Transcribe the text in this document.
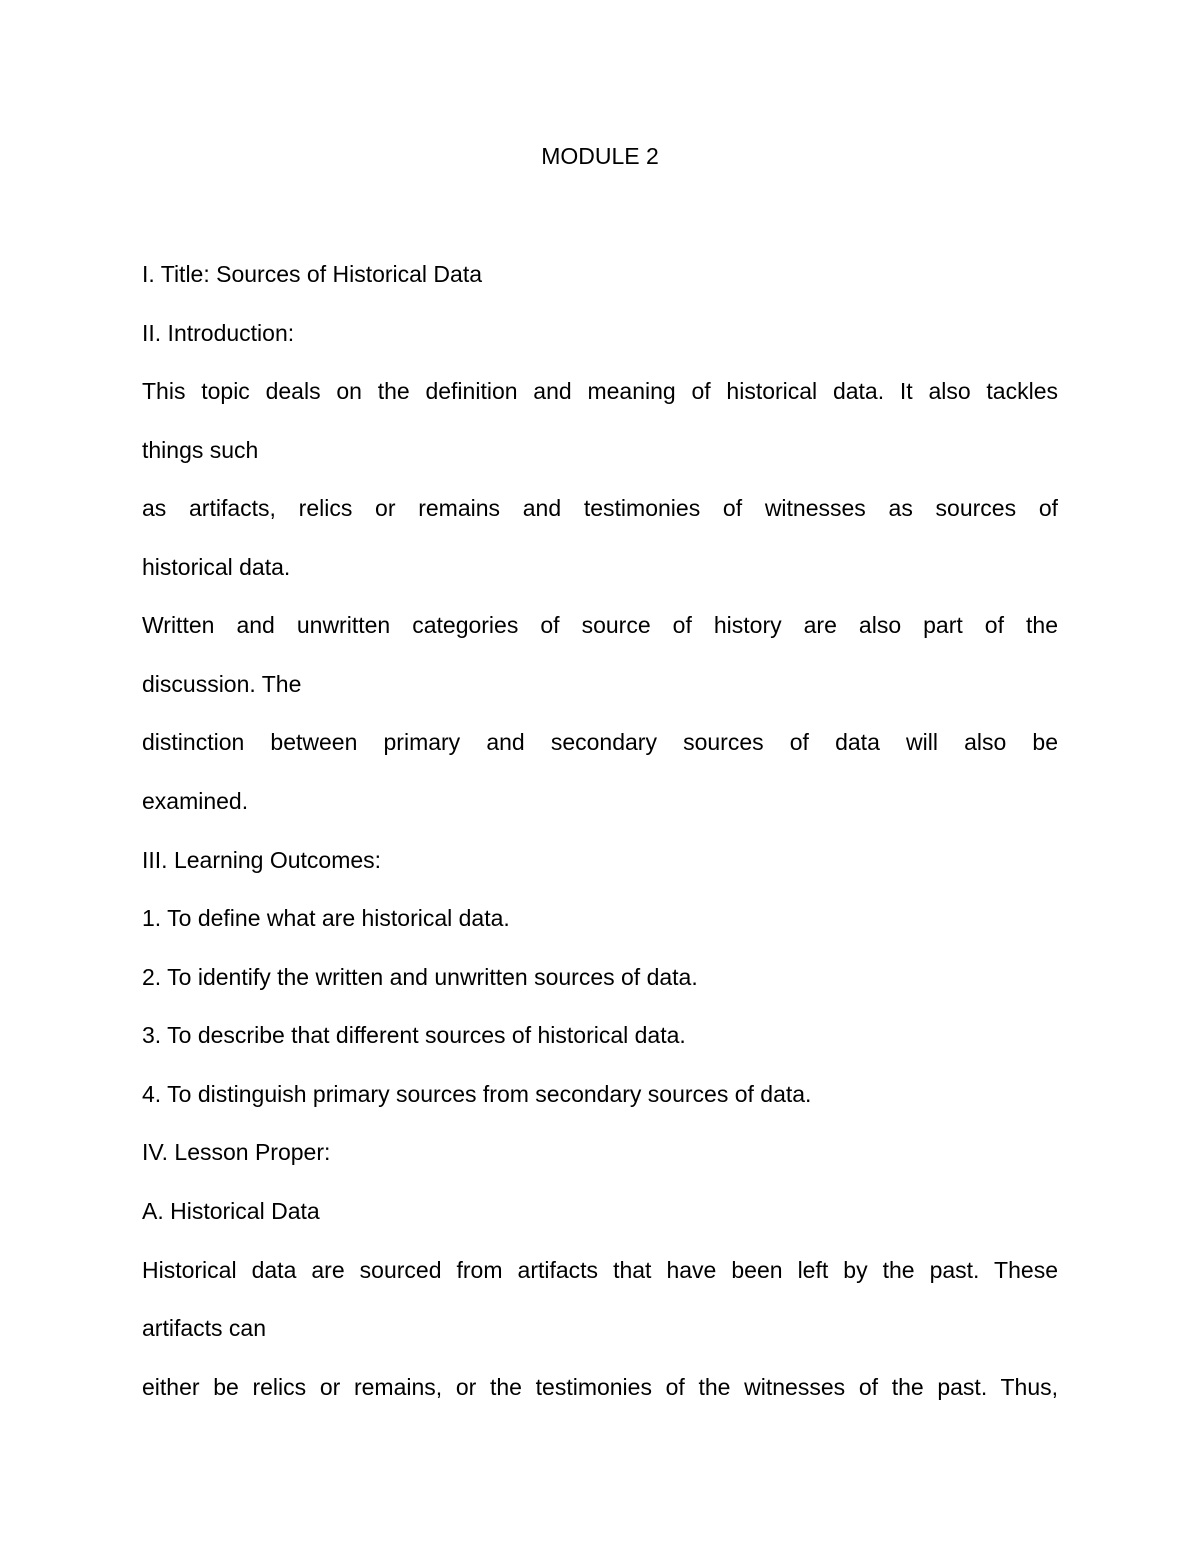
MODULE 2
I. Title: Sources of Historical Data
II. Introduction:
This topic deals on the definition and meaning of historical data. It also tackles
things such
as artifacts, relics or remains and testimonies of witnesses as sources of
historical data.
Written and unwritten categories of source of history are also part of the
discussion. The
distinction between primary and secondary sources of data will also be
examined.
III. Learning Outcomes:
1. To define what are historical data.
2. To identify the written and unwritten sources of data.
3. To describe that different sources of historical data.
4. To distinguish primary sources from secondary sources of data.
IV. Lesson Proper:
A. Historical Data
Historical data are sourced from artifacts that have been left by the past. These
artifacts can
either be relics or remains, or the testimonies of the witnesses of the past. Thus,
